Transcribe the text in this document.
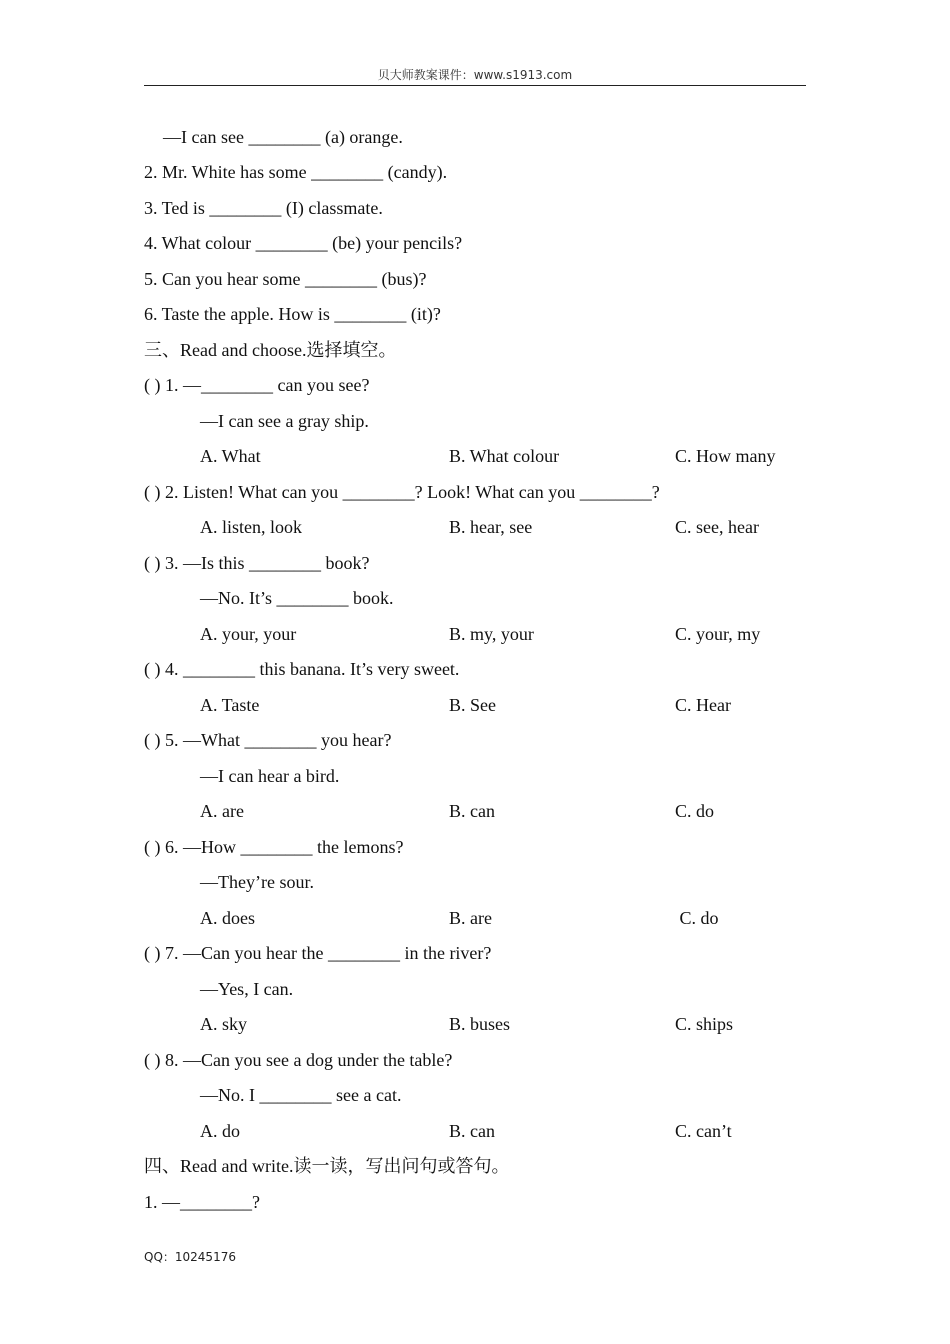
贝大师教案课件：www.s1913.com
—I can see ________ (a) orange.
2. Mr. White has some ________ (candy).
3. Ted is ________ (I) classmate.
4. What colour ________ (be) your pencils?
5. Can you hear some ________ (bus)?
6. Taste the apple. How is ________ (it)?
三、Read and choose.选择填空。
( ) 1. —________ can you see?
—I can see a gray ship.
A. What	B. What colour	C. How many
( ) 2. Listen! What can you ________? Look! What can you ________?
A. listen, look	B. hear, see	C. see, hear
( ) 3. —Is this ________ book?
—No. It’s ________ book.
A. your, your	B. my, your	C. your, my
( ) 4. ________ this banana. It’s very sweet.
A. Taste	B. See	C. Hear
( ) 5. —What ________ you hear?
—I can hear a bird.
A. are	B. can	C. do
( ) 6. —How ________ the lemons?
—They’re sour.
A. does	B. are	C. do
( ) 7. —Can you hear the ________ in the river?
—Yes, I can.
A. sky	B. buses	C. ships
( ) 8. —Can you see a dog under the table?
—No. I ________ see a cat.
A. do	B. can	C. can’t
四、Read and write.读一读，写出问句或答句。
1. —________?
QQ：10245176
